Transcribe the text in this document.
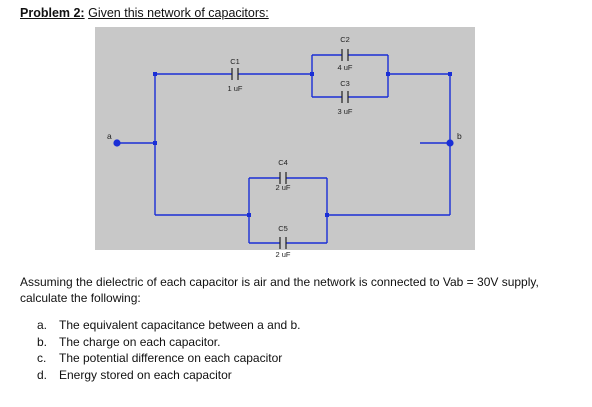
Problem 2: Given this network of capacitors:
a	b
C1
1 uF
C2
4 uF
C3
3 uF
C4
2 uF
C5
2 uF
Assuming the dielectric of each capacitor is air and the network is connected to Vab = 30V supply, calculate the following:
a. The equivalent capacitance between a and b.
b. The charge on each capacitor.
c. The potential difference on each capacitor
d. Energy stored on each capacitor
